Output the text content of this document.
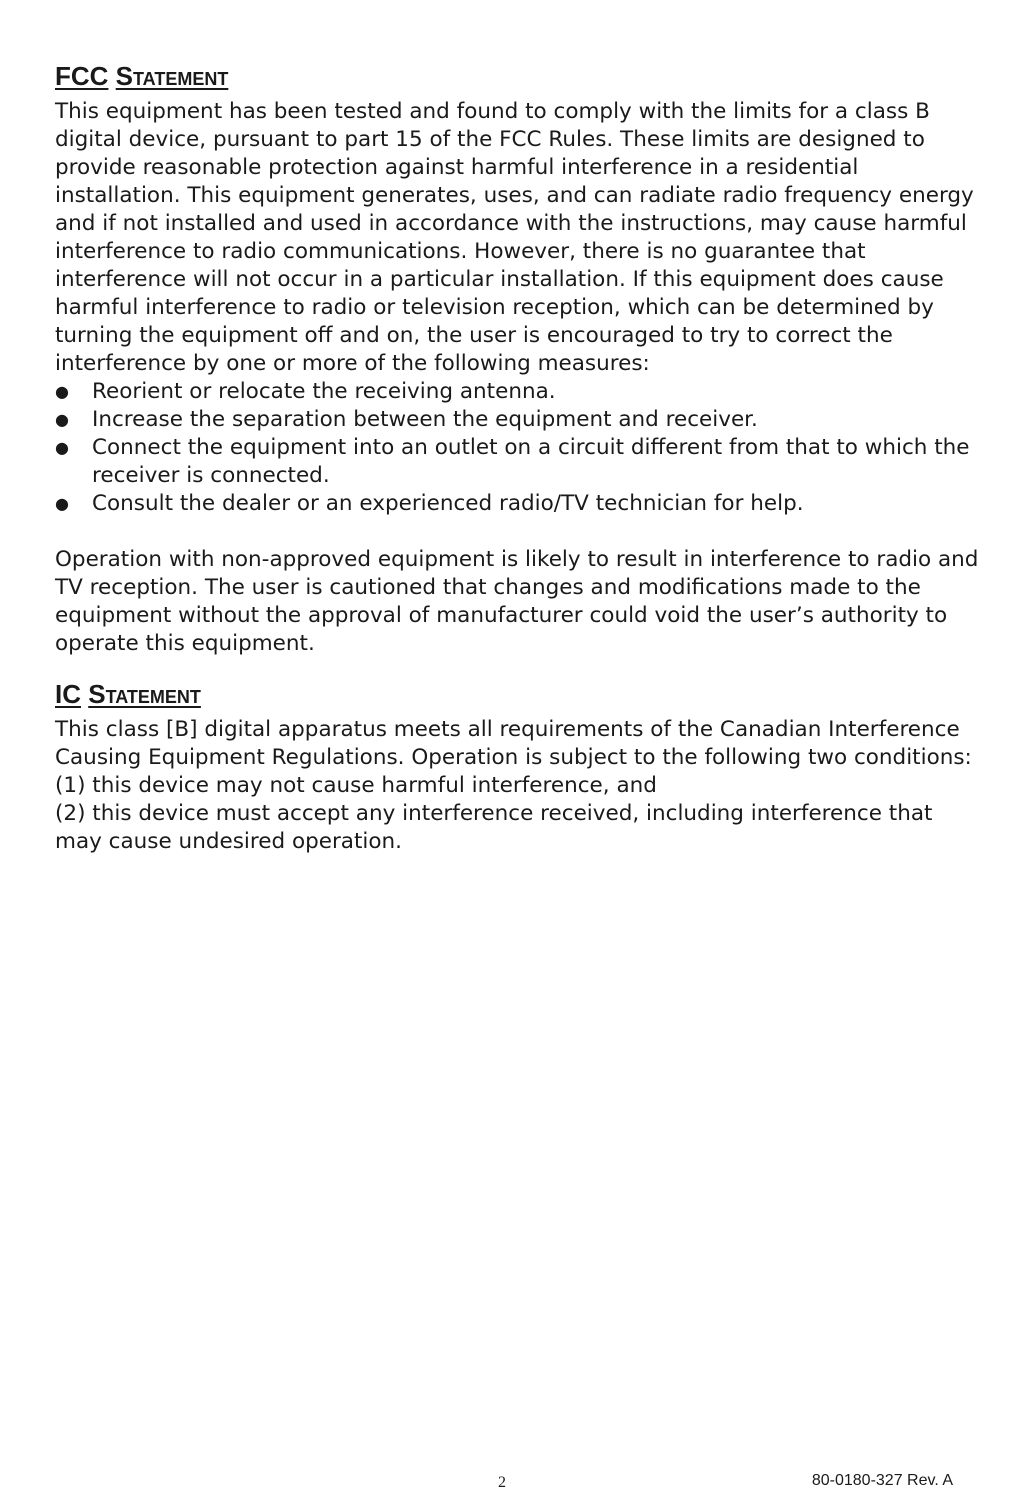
FCC Statement

This equipment has been tested and found to comply with the limits for a class B digital device, pursuant to part 15 of the FCC Rules. These limits are designed to provide reasonable protection against harmful interference in a residential installation. This equipment generates, uses, and can radiate radio frequency energy and if not installed and used in accordance with the instructions, may cause harmful interference to radio communications. However, there is no guarantee that interference will not occur in a particular installation. If this equipment does cause harmful interference to radio or television reception, which can be determined by turning the equipment off and on, the user is encouraged to try to correct the interference by one or more of the following measures:

● Reorient or relocate the receiving antenna.
● Increase the separation between the equipment and receiver.
● Connect the equipment into an outlet on a circuit different from that to which the receiver is connected.
● Consult the dealer or an experienced radio/TV technician for help.

Operation with non-approved equipment is likely to result in interference to radio and TV reception. The user is cautioned that changes and modifications made to the equipment without the approval of manufacturer could void the user’s authority to operate this equipment.

IC Statement

This class [B] digital apparatus meets all requirements of the Canadian Interference Causing Equipment Regulations. Operation is subject to the following two conditions:

(1) this device may not cause harmful interference, and

(2) this device must accept any interference received, including interference that may cause undesired operation.

2	80-0180-327 Rev. A
